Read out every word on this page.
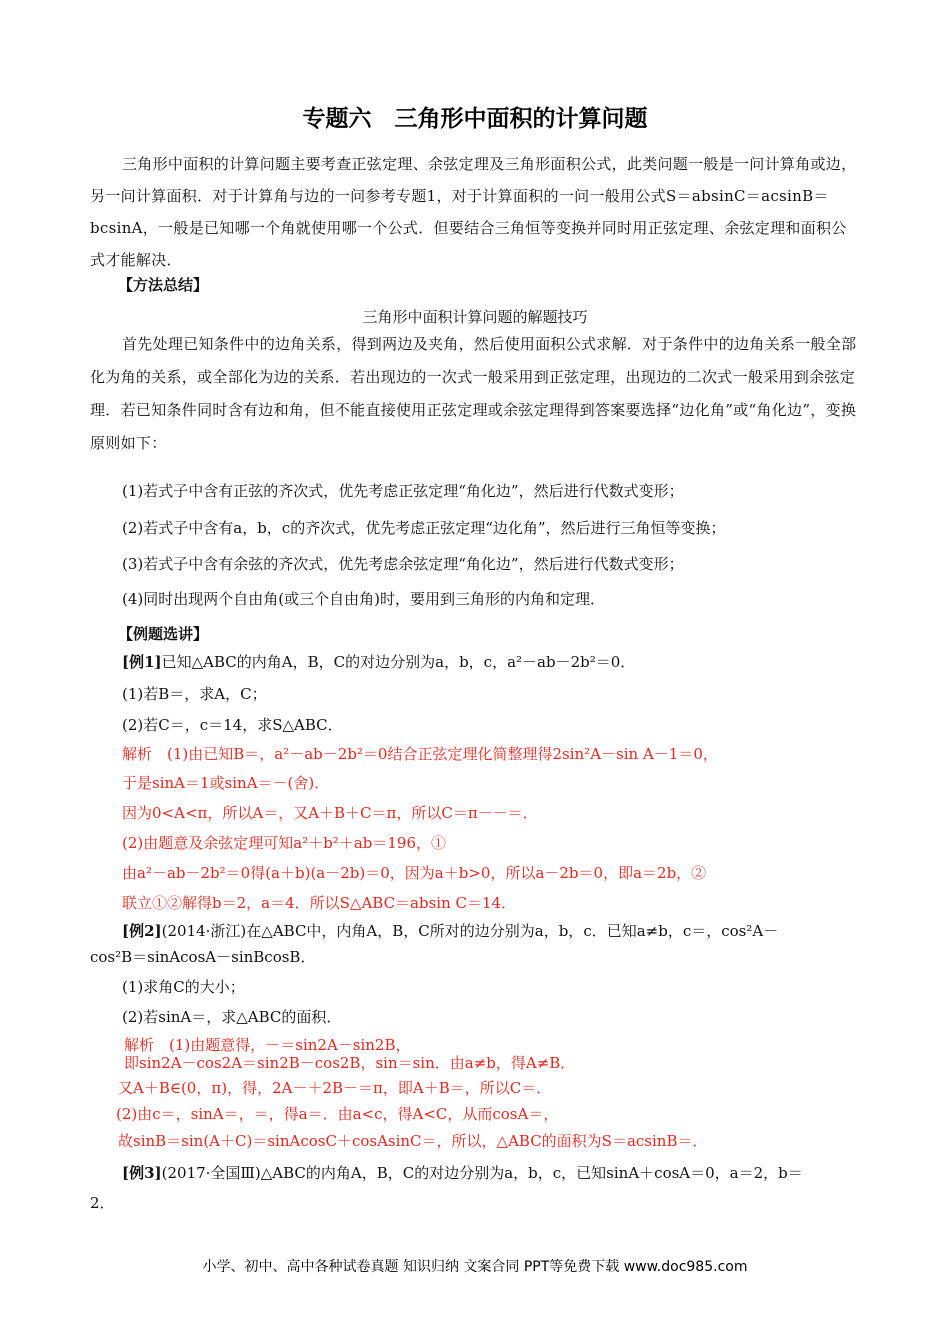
专题六　三角形中面积的计算问题
三角形中面积的计算问题主要考查正弦定理、余弦定理及三角形面积公式，此类问题一般是一问计算角或边，另一问计算面积．对于计算角与边的一问参考专题1，对于计算面积的一问一般用公式S＝absinC＝acsinB＝bcsinA，一般是已知哪一个角就使用哪一个公式．但要结合三角恒等变换并同时用正弦定理、余弦定理和面积公式才能解决．
【方法总结】
三角形中面积计算问题的解题技巧
首先处理已知条件中的边角关系，得到两边及夹角，然后使用面积公式求解．对于条件中的边角关系一般全部化为角的关系，或全部化为边的关系．若出现边的一次式一般采用到正弦定理，出现边的二次式一般采用到余弦定理．若已知条件同时含有边和角，但不能直接使用正弦定理或余弦定理得到答案要选择“边化角”或“角化边”，变换原则如下：
(1)若式子中含有正弦的齐次式，优先考虑正弦定理“角化边”，然后进行代数式变形；
(2)若式子中含有a，b，c的齐次式，优先考虑正弦定理“边化角”，然后进行三角恒等变换；
(3)若式子中含有余弦的齐次式，优先考虑余弦定理“角化边”，然后进行代数式变形；
(4)同时出现两个自由角(或三个自由角)时，要用到三角形的内角和定理．
【例题选讲】
[例1]已知△ABC的内角A，B，C的对边分别为a，b，c，a²－ab－2b²＝0．
(1)若B＝，求A，C；
(2)若C＝，c＝14，求S△ABC．
解析　(1)由已知B＝，a²－ab－2b²＝0结合正弦定理化简整理得2sin²A－sin A－1＝0，
于是sinA＝1或sinA＝－(舍)．
因为0<A<π，所以A＝，又A＋B＋C＝π，所以C＝π－－＝．
(2)由题意及余弦定理可知a²＋b²＋ab＝196，①
由a²－ab－2b²＝0得(a＋b)(a－2b)＝0，因为a＋b>0，所以a－2b＝0，即a＝2b，②
联立①②解得b＝2，a＝4．所以S△ABC＝absin C＝14．
[例2](2014·浙江)在△ABC中，内角A，B，C所对的边分别为a，b，c．已知a≠b，c＝，cos²A－
cos²B＝sinAcosA－sinBcosB．
(1)求角C的大小；
(2)若sinA＝，求△ABC的面积．
解析　(1)由题意得，－＝sin2A－sin2B，
即sin2A－cos2A＝sin2B－cos2B，sin＝sin．由a≠b，得A≠B．
又A＋B∈(0，π)，得，2A－＋2B－＝π，即A＋B＝，所以C＝．
(2)由c＝，sinA＝，＝，得a＝．由a<c，得A<C，从而cosA＝，
故sinB＝sin(A＋C)＝sinAcosC＋cosAsinC＝，所以，△ABC的面积为S＝acsinB＝．
[例3](2017·全国Ⅲ)△ABC的内角A，B，C的对边分别为a，b，c，已知sinA＋cosA＝0，a＝2，b＝
2．
小学、初中、高中各种试卷真题 知识归纳 文案合同 PPT等免费下载 www.doc985.com
